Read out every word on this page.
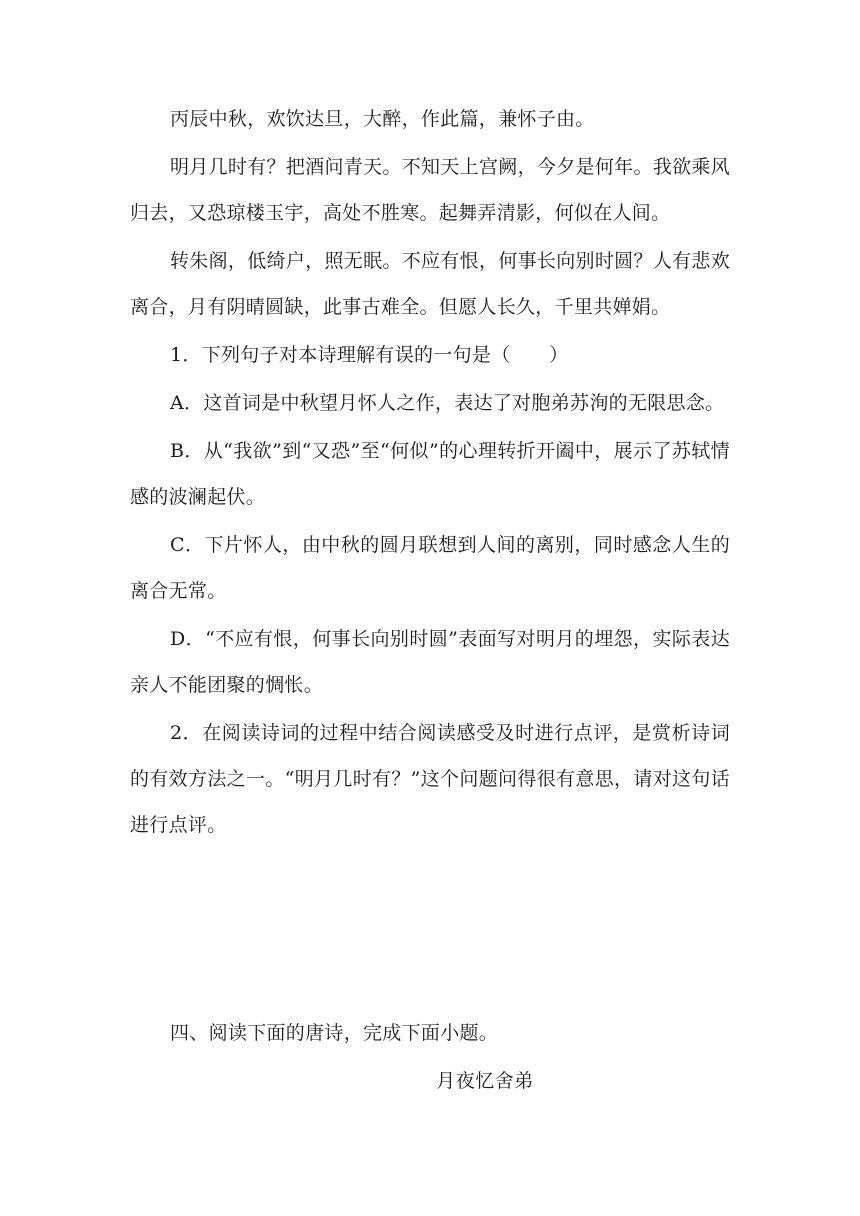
丙辰中秋，欢饮达旦，大醉，作此篇，兼怀子由。

明月几时有？把酒问青天。不知天上宫阙，今夕是何年。我欲乘风归去，又恐琼楼玉宇，高处不胜寒。起舞弄清影，何似在人间。

转朱阁，低绮户，照无眠。不应有恨，何事长向别时圆？人有悲欢离合，月有阴晴圆缺，此事古难全。但愿人长久，千里共婵娟。

1．下列句子对本诗理解有误的一句是（　　）

A．这首词是中秋望月怀人之作，表达了对胞弟苏洵的无限思念。

B．从“我欲”到“又恐”至“何似”的心理转折开阖中，展示了苏轼情感的波澜起伏。

C．下片怀人，由中秋的圆月联想到人间的离别，同时感念人生的离合无常。

D．“不应有恨，何事长向别时圆”表面写对明月的埋怨，实际表达亲人不能团聚的惆怅。

2．在阅读诗词的过程中结合阅读感受及时进行点评，是赏析诗词的有效方法之一。“明月几时有？”这个问题问得很有意思，请对这句话进行点评。

四、阅读下面的唐诗，完成下面小题。

月夜忆舍弟
